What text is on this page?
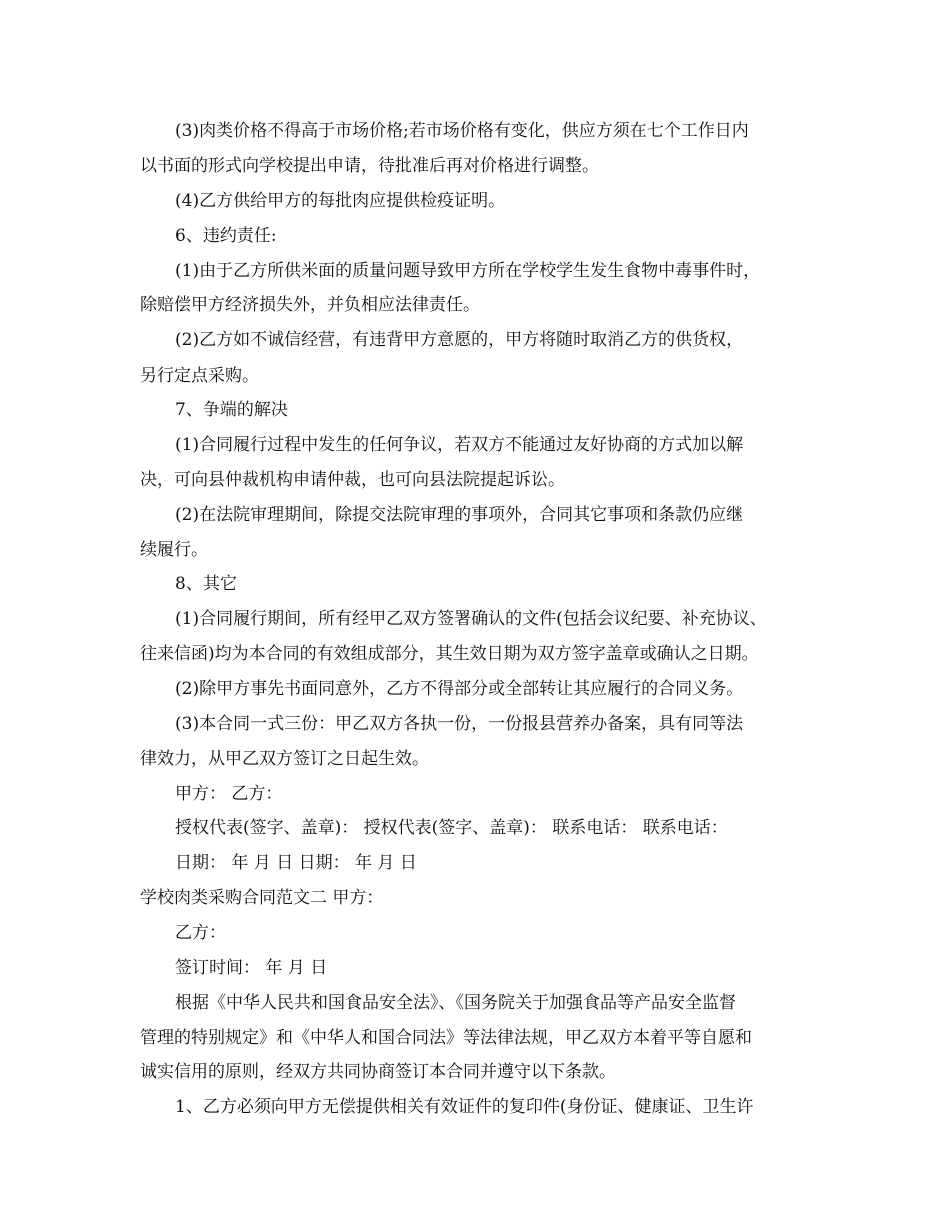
(3)肉类价格不得高于市场价格;若市场价格有变化，供应方须在七个工作日内
以书面的形式向学校提出申请，待批准后再对价格进行调整。
(4)乙方供给甲方的每批肉应提供检疫证明。
6、违约责任:
(1)由于乙方所供米面的质量问题导致甲方所在学校学生发生食物中毒事件时，
除赔偿甲方经济损失外，并负相应法律责任。
(2)乙方如不诚信经营，有违背甲方意愿的，甲方将随时取消乙方的供货权，
另行定点采购。
7、争端的解决
(1)合同履行过程中发生的任何争议，若双方不能通过友好协商的方式加以解
决，可向县仲裁机构申请仲裁，也可向县法院提起诉讼。
(2)在法院审理期间，除提交法院审理的事项外，合同其它事项和条款仍应继
续履行。
8、其它
(1)合同履行期间，所有经甲乙双方签署确认的文件(包括会议纪要、补充协议、
往来信函)均为本合同的有效组成部分，其生效日期为双方签字盖章或确认之日期。
(2)除甲方事先书面同意外，乙方不得部分或全部转让其应履行的合同义务。
(3)本合同一式三份：甲乙双方各执一份，一份报县营养办备案，具有同等法
律效力，从甲乙双方签订之日起生效。
甲方： 乙方：
授权代表(签字、盖章)： 授权代表(签字、盖章)： 联系电话： 联系电话：
日期： 年 月 日 日期： 年 月 日
学校肉类采购合同范文二 甲方：
乙方：
签订时间： 年 月 日
根据《中华人民共和国食品安全法》、《国务院关于加强食品等产品安全监督
管理的特别规定》和《中华人和国合同法》等法律法规，甲乙双方本着平等自愿和
诚实信用的原则，经双方共同协商签订本合同并遵守以下条款。
1、乙方必须向甲方无偿提供相关有效证件的复印件(身份证、健康证、卫生许
